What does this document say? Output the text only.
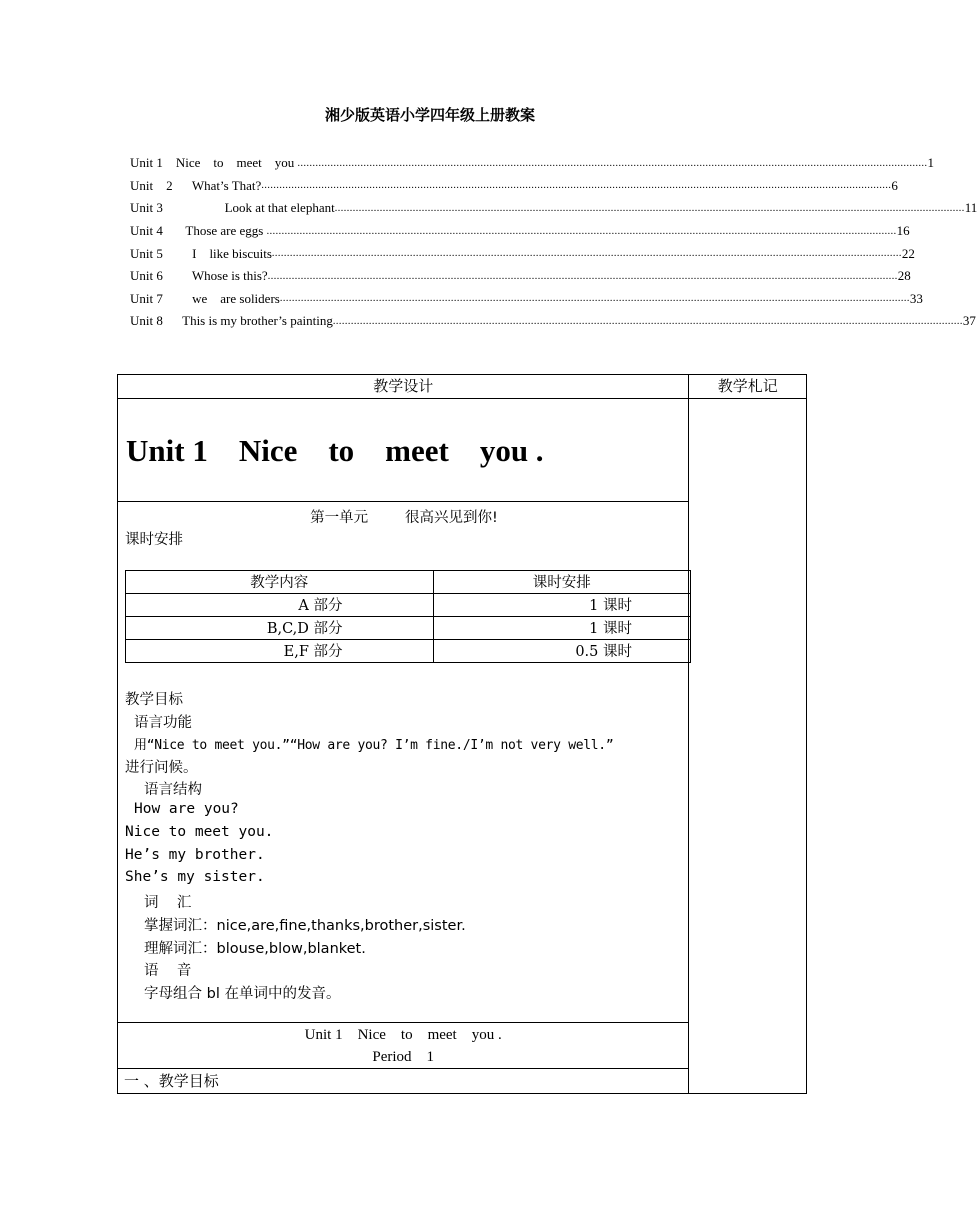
湘少版英语小学四年级上册教案
Unit 1    Nice    to    meet    you .................................................................................................................................................................................................................. 1
Unit    2      What’s That? .................................................................................................................................................................................................................. 6
Unit 3                   Look at that elephant .................................................................................................................................................................................................................. 11
Unit 4       Those are eggs .................................................................................................................................................................................................................. 16
Unit 5         I    like biscuits .................................................................................................................................................................................................................. 22
Unit 6         Whose is this? .................................................................................................................................................................................................................. 28
Unit 7         we    are soliders .................................................................................................................................................................................................................. 33
Unit 8      This is my brother’s painting .................................................................................................................................................................................................................. 37
教学设计	教学札记

Unit 1    Nice    to    meet    you .

第一单元        很高兴见到你!
课时安排
教学内容	课时安排
A 部分	1 课时
B,C,D 部分	1 课时
E,F 部分	0.5 课时
教学目标
语言功能
用“Nice to meet you.”“How are you? I’m fine./I’m not very well.”
进行问候。
语言结构
How are you?
Nice to meet you.
He’s my brother.
She’s my sister.
词    汇
掌握词汇：nice,are,fine,thanks,brother,sister.
理解词汇：blouse,blow,blanket.
语    音
字母组合 bl 在单词中的发音。

Unit 1    Nice    to    meet    you .
Period    1

一 、教学目标
